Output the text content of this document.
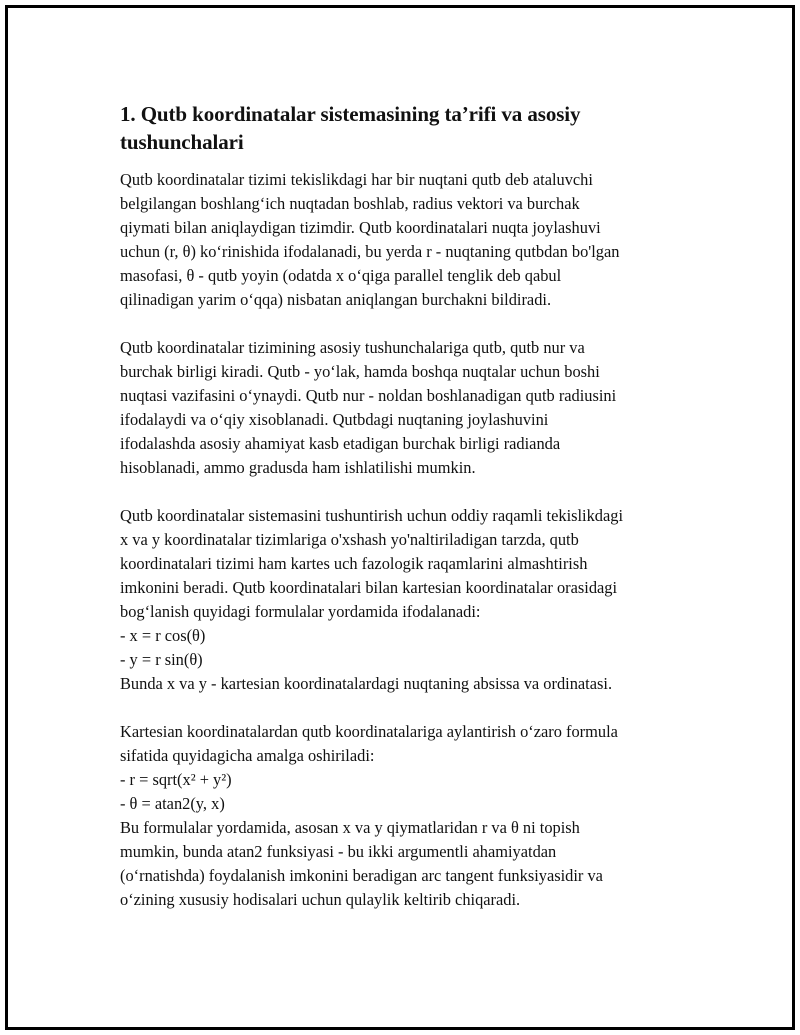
1. Qutb koordinatalar sistemasining ta’rifi va asosiy
tushunchalari
Qutb koordinatalar tizimi tekislikdagi har bir nuqtani qutb deb ataluvchi
belgilangan boshlang‘ich nuqtadan boshlab, radius vektori va burchak
qiymati bilan aniqlaydigan tizimdir. Qutb koordinatalari nuqta joylashuvi
uchun (r, θ) ko‘rinishida ifodalanadi, bu yerda r - nuqtaning qutbdan bo'lgan
masofasi, θ - qutb yoyin (odatda x o‘qiga parallel tenglik deb qabul
qilinadigan yarim o‘qqa) nisbatan aniqlangan burchakni bildiradi.
Qutb koordinatalar tizimining asosiy tushunchalariga qutb, qutb nur va
burchak birligi kiradi. Qutb - yo‘lak, hamda boshqa nuqtalar uchun boshi
nuqtasi vazifasini o‘ynaydi. Qutb nur - noldan boshlanadigan qutb radiusini
ifodalaydi va o‘qiy xisoblanadi. Qutbdagi nuqtaning joylashuvini
ifodalashda asosiy ahamiyat kasb etadigan burchak birligi radianda
hisoblanadi, ammo gradusda ham ishlatilishi mumkin.
Qutb koordinatalar sistemasini tushuntirish uchun oddiy raqamli tekislikdagi
x va y koordinatalar tizimlariga o'xshash yo'naltiriladigan tarzda, qutb
koordinatalari tizimi ham kartes uch fazologik raqamlarini almashtirish
imkonini beradi. Qutb koordinatalari bilan kartesian koordinatalar orasidagi
bog‘lanish quyidagi formulalar yordamida ifodalanadi:
- x = r cos(θ)
- y = r sin(θ)
Bunda x va y - kartesian koordinatalardagi nuqtaning absissa va ordinatasi.
Kartesian koordinatalardan qutb koordinatalariga aylantirish o‘zaro formula
sifatida quyidagicha amalga oshiriladi:
- r = sqrt(x² + y²)
- θ = atan2(y, x)
Bu formulalar yordamida, asosan x va y qiymatlaridan r va θ ni topish
mumkin, bunda atan2 funksiyasi - bu ikki argumentli ahamiyatdan
(o‘rnatishda) foydalanish imkonini beradigan arc tangent funksiyasidir va
o‘zining xususiy hodisalari uchun qulaylik keltirib chiqaradi.
